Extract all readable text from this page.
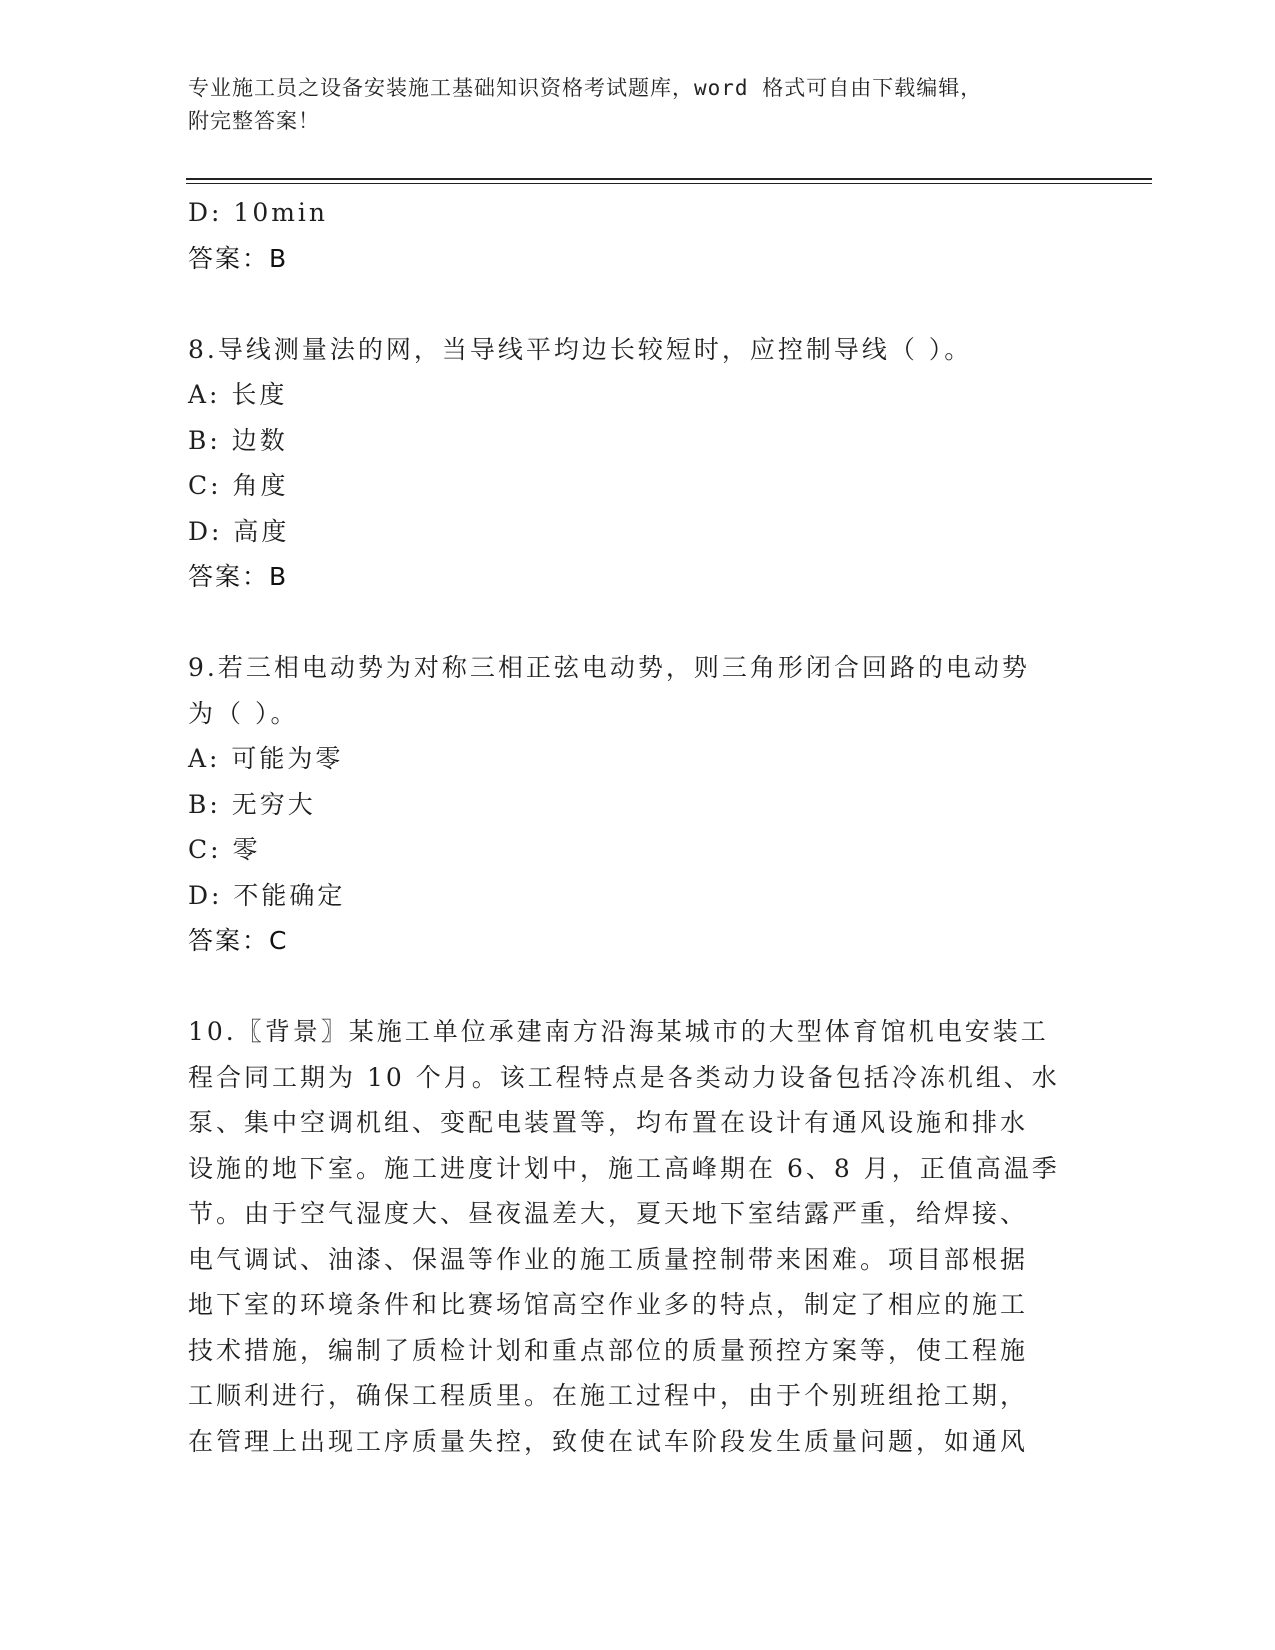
专业施工员之设备安装施工基础知识资格考试题库，word 格式可自由下载编辑，
附完整答案！
D: 10min
答案：B
8.导线测量法的网，当导线平均边长较短时，应控制导线（ ）。
A: 长度
B: 边数
C: 角度
D: 高度
答案：B
9.若三相电动势为对称三相正弦电动势，则三角形闭合回路的电动势
为（ ）。
A: 可能为零
B: 无穷大
C: 零
D: 不能确定
答案：C
10.〖背景〗某施工单位承建南方沿海某城市的大型体育馆机电安装工
程合同工期为 10 个月。该工程特点是各类动力设备包括冷冻机组、水
泵、集中空调机组、变配电装置等，均布置在设计有通风设施和排水
设施的地下室。施工进度计划中，施工高峰期在 6、8 月，正值高温季
节。由于空气湿度大、昼夜温差大，夏天地下室结露严重，给焊接、
电气调试、油漆、保温等作业的施工质量控制带来困难。项目部根据
地下室的环境条件和比赛场馆高空作业多的特点，制定了相应的施工
技术措施，编制了质检计划和重点部位的质量预控方案等，使工程施
工顺利进行，确保工程质里。在施工过程中，由于个别班组抢工期，
在管理上出现工序质量失控，致使在试车阶段发生质量问题，如通风
